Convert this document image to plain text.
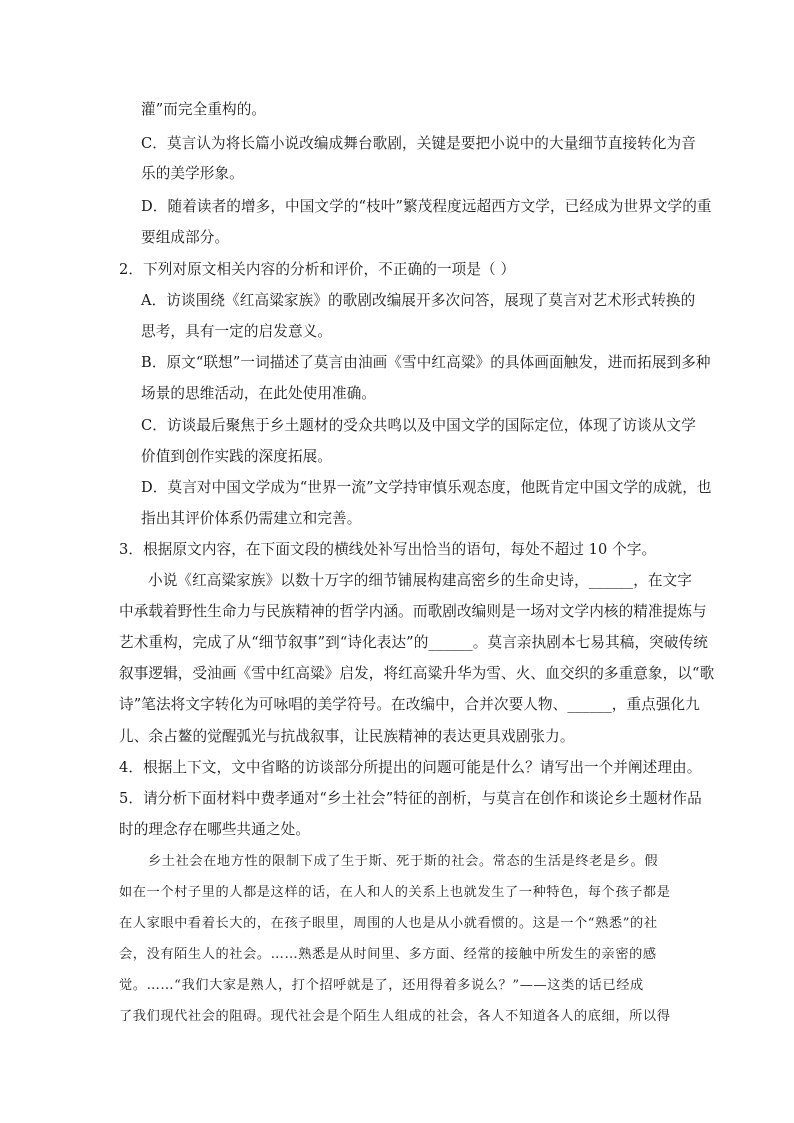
灌”而完全重构的。
C．莫言认为将长篇小说改编成舞台歌剧，关键是要把小说中的大量细节直接转化为音
乐的美学形象。
D．随着读者的增多，中国文学的“枝叶”繁茂程度远超西方文学，已经成为世界文学的重
要组成部分。
2．下列对原文相关内容的分析和评价，不正确的一项是（ ）
A．访谈围绕《红高粱家族》的歌剧改编展开多次问答，展现了莫言对艺术形式转换的
思考，具有一定的启发意义。
B．原文“联想”一词描述了莫言由油画《雪中红高粱》的具体画面触发，进而拓展到多种
场景的思维活动，在此处使用准确。
C．访谈最后聚焦于乡土题材的受众共鸣以及中国文学的国际定位，体现了访谈从文学
价值到创作实践的深度拓展。
D．莫言对中国文学成为“世界一流”文学持审慎乐观态度，他既肯定中国文学的成就，也
指出其评价体系仍需建立和完善。
3．根据原文内容，在下面文段的横线处补写出恰当的语句，每处不超过 10 个字。
小说《红高粱家族》以数十万字的细节铺展构建高密乡的生命史诗，______，在文字
中承载着野性生命力与民族精神的哲学内涵。而歌剧改编则是一场对文学内核的精准提炼与
艺术重构，完成了从“细节叙事”到“诗化表达”的______。莫言亲执剧本七易其稿，突破传统
叙事逻辑，受油画《雪中红高粱》启发，将红高粱升华为雪、火、血交织的多重意象，以“歌
诗”笔法将文字转化为可咏唱的美学符号。在改编中，合并次要人物、______，重点强化九
儿、余占鳌的觉醒弧光与抗战叙事，让民族精神的表达更具戏剧张力。
4．根据上下文，文中省略的访谈部分所提出的问题可能是什么？请写出一个并阐述理由。
5．请分析下面材料中费孝通对“乡土社会”特征的剖析，与莫言在创作和谈论乡土题材作品
时的理念存在哪些共通之处。
乡土社会在地方性的限制下成了生于斯、死于斯的社会。常态的生活是终老是乡。假
如在一个村子里的人都是这样的话，在人和人的关系上也就发生了一种特色，每个孩子都是
在人家眼中看着长大的，在孩子眼里，周围的人也是从小就看惯的。这是一个“熟悉”的社
会，没有陌生人的社会。……熟悉是从时间里、多方面、经常的接触中所发生的亲密的感
觉。……“我们大家是熟人，打个招呼就是了，还用得着多说么？”——这类的话已经成
了我们现代社会的阻碍。现代社会是个陌生人组成的社会，各人不知道各人的底细，所以得
